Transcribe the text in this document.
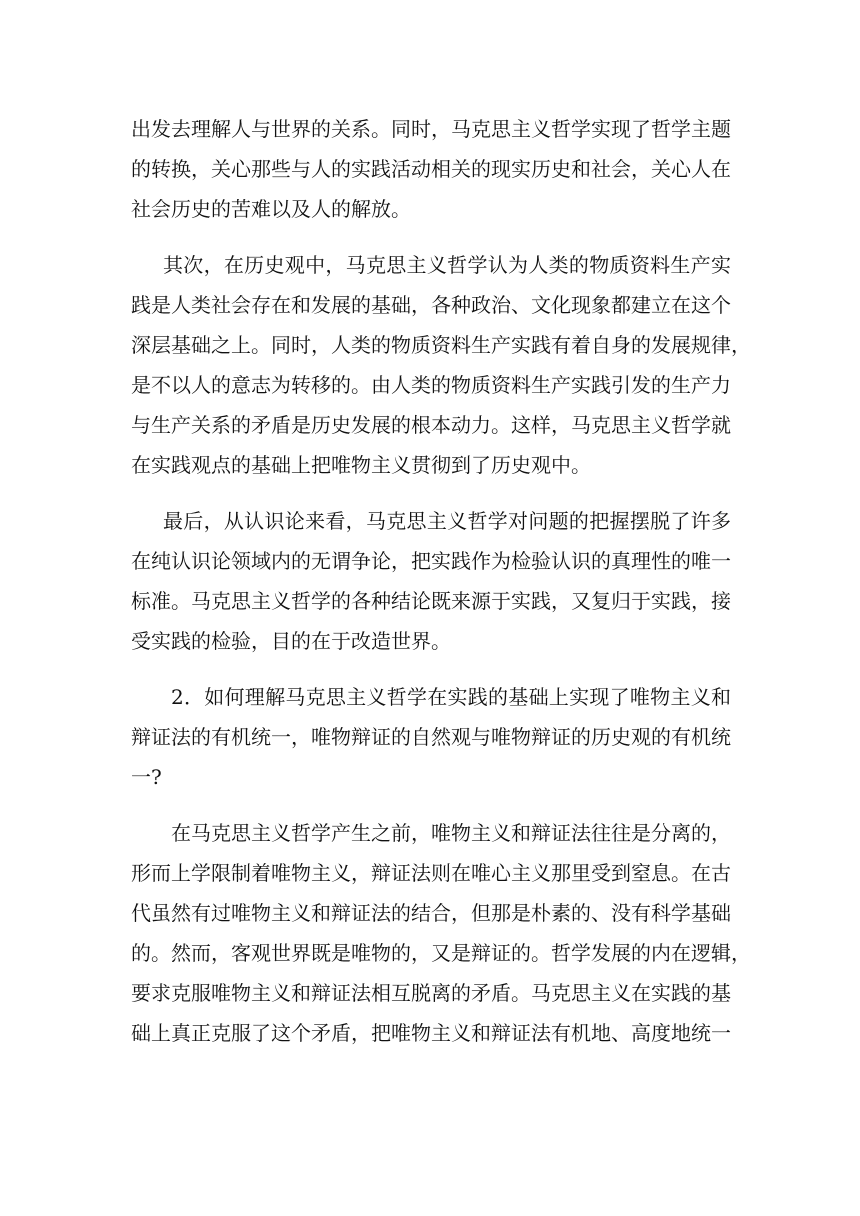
出发去理解人与世界的关系。同时，马克思主义哲学实现了哲学主题
的转换，关心那些与人的实践活动相关的现实历史和社会，关心人在
社会历史的苦难以及人的解放。
其次，在历史观中，马克思主义哲学认为人类的物质资料生产实
践是人类社会存在和发展的基础，各种政治、文化现象都建立在这个
深层基础之上。同时，人类的物质资料生产实践有着自身的发展规律，
是不以人的意志为转移的。由人类的物质资料生产实践引发的生产力
与生产关系的矛盾是历史发展的根本动力。这样，马克思主义哲学就
在实践观点的基础上把唯物主义贯彻到了历史观中。
最后，从认识论来看，马克思主义哲学对问题的把握摆脱了许多
在纯认识论领域内的无谓争论，把实践作为检验认识的真理性的唯一
标准。马克思主义哲学的各种结论既来源于实践，又复归于实践，接
受实践的检验，目的在于改造世界。
2．如何理解马克思主义哲学在实践的基础上实现了唯物主义和
辩证法的有机统一，唯物辩证的自然观与唯物辩证的历史观的有机统
一?
在马克思主义哲学产生之前，唯物主义和辩证法往往是分离的，
形而上学限制着唯物主义，辩证法则在唯心主义那里受到窒息。在古
代虽然有过唯物主义和辩证法的结合，但那是朴素的、没有科学基础
的。然而，客观世界既是唯物的，又是辩证的。哲学发展的内在逻辑，
要求克服唯物主义和辩证法相互脱离的矛盾。马克思主义在实践的基
础上真正克服了这个矛盾，把唯物主义和辩证法有机地、高度地统一
